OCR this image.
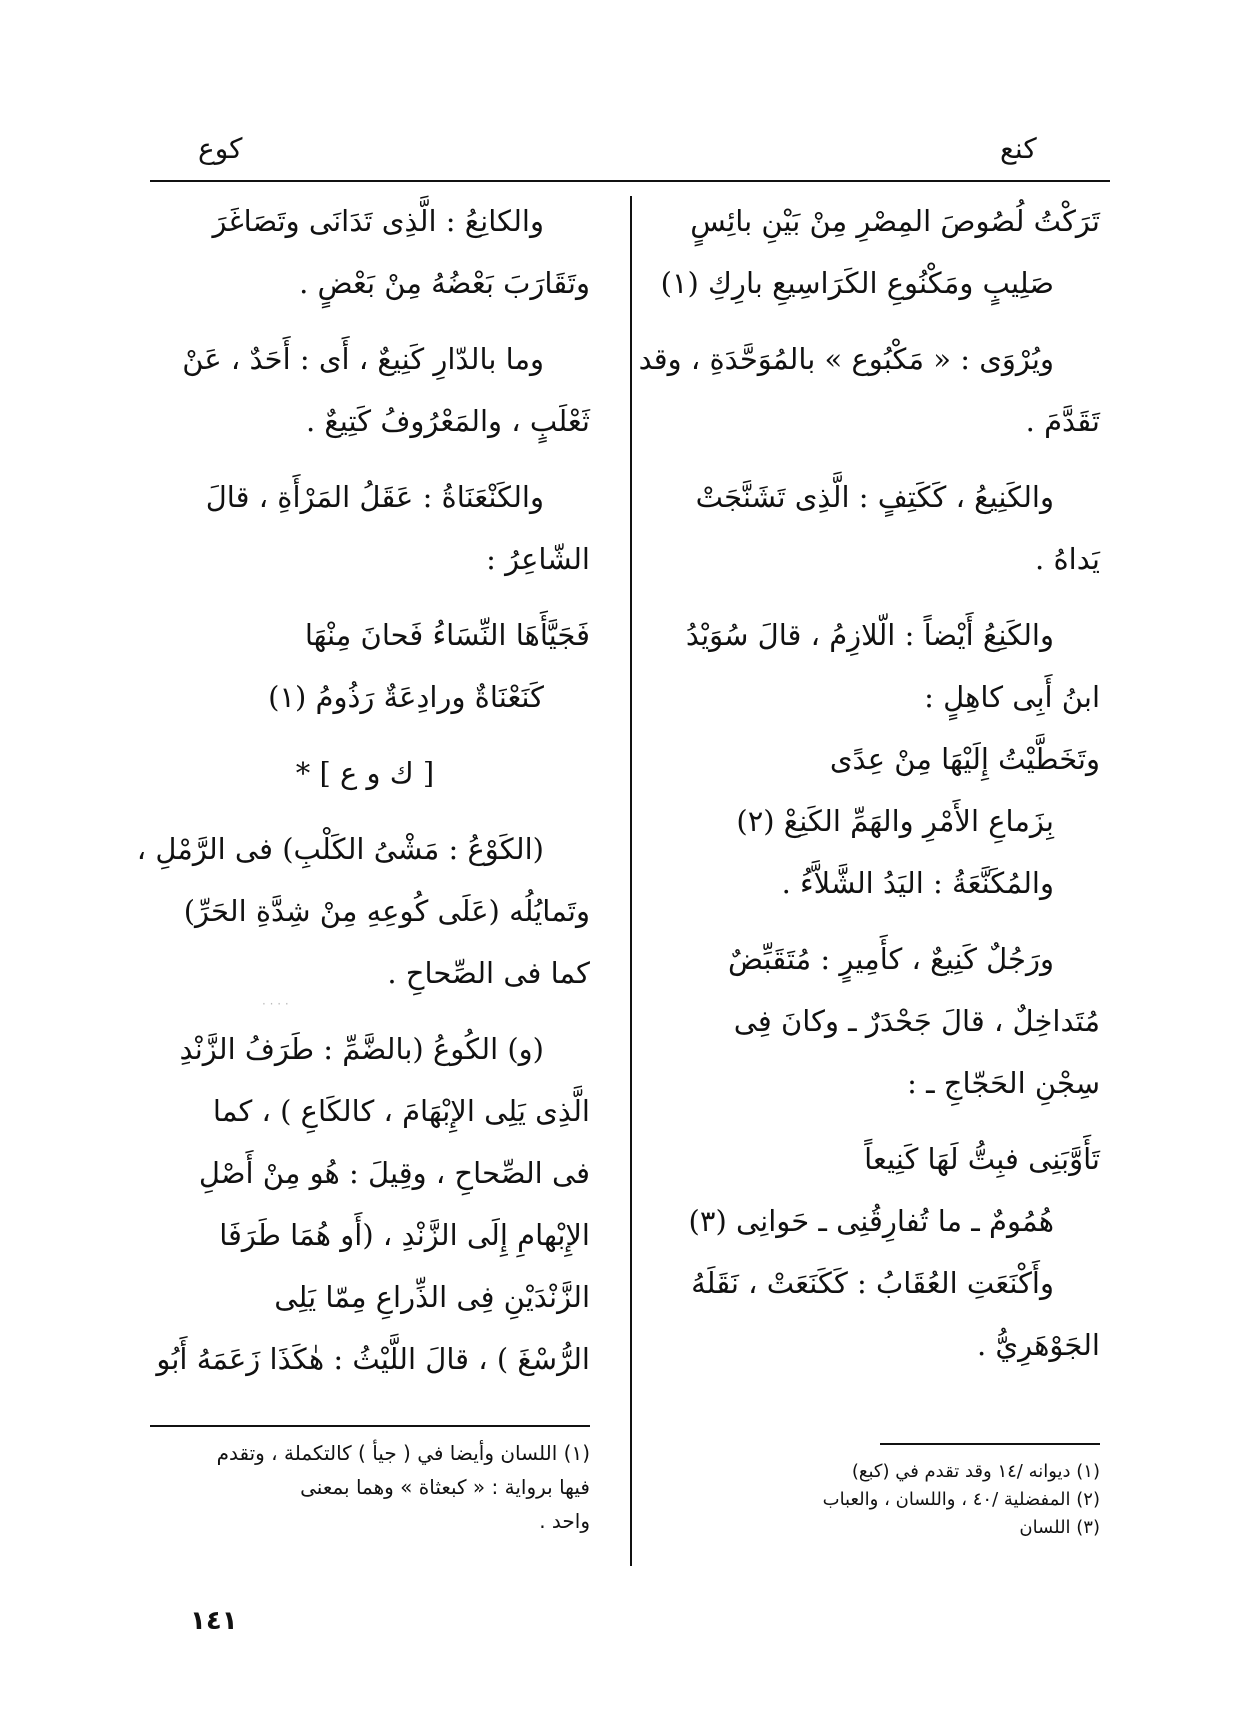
كنع
كوع
تَرَكْتُ لُصُوصَ المِصْرِ مِنْ بَيْنِ بائِسٍ
صَلِيبٍ ومَكْنُوعِ الكَرَاسِيعِ بارِكِ (١)
ويُرْوَى : « مَكْبُوع » بالمُوَحَّدَةِ ، وقد
تَقَدَّمَ .
والكَنِيعُ ، كَكَتِفٍ : الَّذِى تَشَنَّجَتْ
يَداهُ .
والكَنِعُ أَيْضاً : الّلازِمُ ، قالَ سُوَيْدُ
ابنُ أَبِى كاهِلٍ :
وتَخَطَّيْتُ إِلَيْهَا مِنْ عِدًى
بِزَماعِ الأَمْرِ والهَمِّ الكَنِعْ (٢)
والمُكَنَّعَةُ : اليَدُ الشَّلاَّءُ .
ورَجُلٌ كَنِيعٌ ، كأَمِيرٍ : مُتَقَبِّضٌ
مُتَداخِلٌ ، قالَ جَحْدَرٌ ـ وكانَ فِى
سِجْنِ الحَجّاجِ ـ :
تَأَوَّبَنِى فبِتُّ لَهَا كَنِيعاً
هُمُومٌ ـ ما تُفارِقُنِى ـ حَوانِى (٣)
وأَكْنَعَتِ العُقَابُ : كَكَنَعَتْ ، نَقَلَهُ
الجَوْهَرِيُّ .
والكانِعُ : الَّذِى تَدَانَى وتَصَاغَرَ
وتَقَارَبَ بَعْضُهُ مِنْ بَعْضٍ .
وما بالدّارِ كَنِيعٌ ، أَى : أَحَدٌ ، عَنْ
ثَعْلَبٍ ، والمَعْرُوفُ كَتِيعٌ .
والكَنْعَنَاةُ : عَقَلُ المَرْأَةِ ، قالَ
الشّاعِرُ :
فَجَيَّأَهَا النِّسَاءُ فَحانَ مِنْهَا
كَنَعْنَاةٌ ورادِعَةٌ رَذُومُ (١)
[ ك و ع ] *
(الكَوْعُ : مَشْىُ الكَلْبِ) فى الرَّمْلِ ،
وتَمايُلُه (عَلَى كُوعِهِ مِنْ شِدَّةِ الحَرِّ)
كما فى الصِّحاحِ .
(و) الكُوعُ (بالضَّمِّ : طَرَفُ الزَّنْدِ
الَّذِى يَلِى الإِبْهَامَ ، كالكَاعِ ) ، كما
فى الصِّحاحِ ، وقِيلَ : هُو مِنْ أَصْلِ
الإِبْهامِ إِلَى الزَّنْدِ ، (أَو هُمَا طَرَفَا
الزَّنْدَيْنِ فِى الذِّراعِ مِمّا يَلِى
الرُّسْغَ ) ، قالَ اللَّيْثُ : هٰكَذَا زَعَمَهُ أَبُو
· · · ·
(١) ديوانه /١٤ وقد تقدم في (كبع)
(٢) المفضلية /٤٠ ، واللسان ، والعباب
(٣) اللسان
(١) اللسان وأيضا في ( جيأ ) كالتكملة ، وتقدم
فيها برواية : « كبعثاة » وهما بمعنى
واحد .
١٤١
